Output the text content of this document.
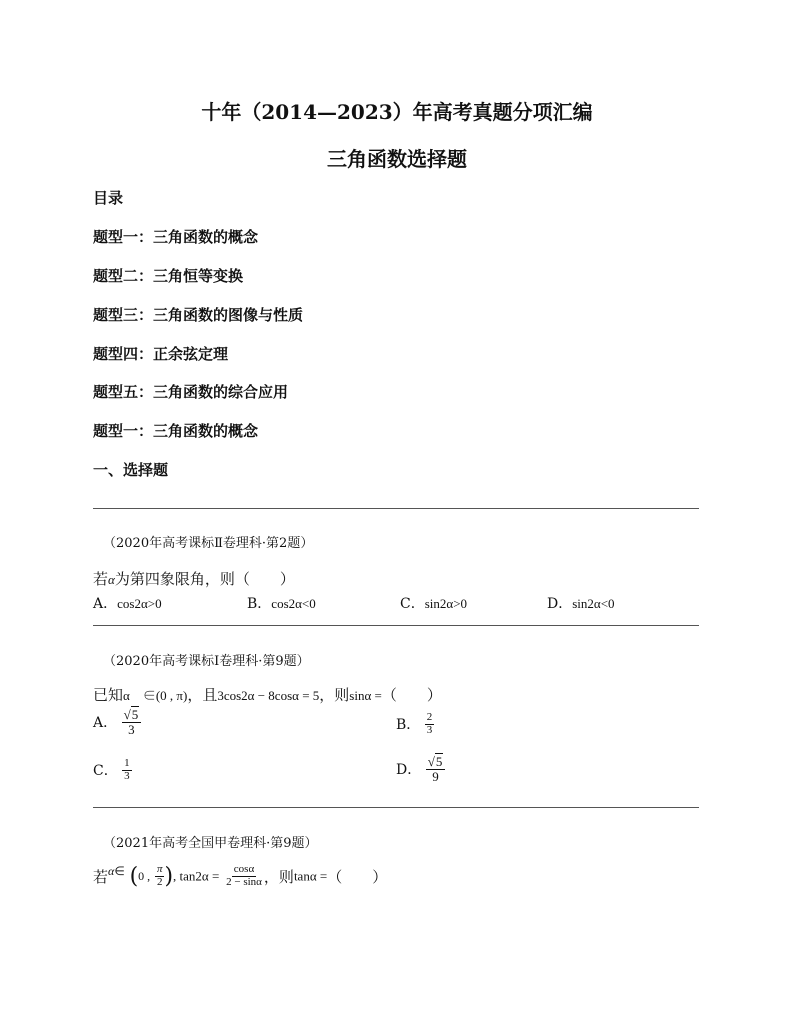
十年（2014—2023）年高考真题分项汇编
三角函数选择题
目录
题型一：三角函数的概念
题型二：三角恒等变换
题型三：三角函数的图像与性质
题型四：正余弦定理
题型五：三角函数的综合应用
题型一：三角函数的概念
一、选择题
（2020年高考课标Ⅱ卷理科·第2题）
若α为第四象限角，则（　　）
A．cos2α>0	B．cos2α<0	C．sin2α>0	D．sin2α<0
（2020年高考课标Ⅰ卷理科·第9题）
已知α　∈(0 , π)，且3cos2α − 8cosα = 5，则sinα =（　　）
A． $\frac{√5}{3}$	B． $\frac{2}{3}$
C． $\frac{1}{3}$	D． $\frac{√5}{9}$
（2021年高考全国甲卷理科·第9题）
若$^{\alpha\in}$ (0 , $\frac{\pi}{2}$ ), $\tan 2\alpha = \frac{\cos\alpha}{2 - \sin\alpha}$ ，则tanα =（　　）
